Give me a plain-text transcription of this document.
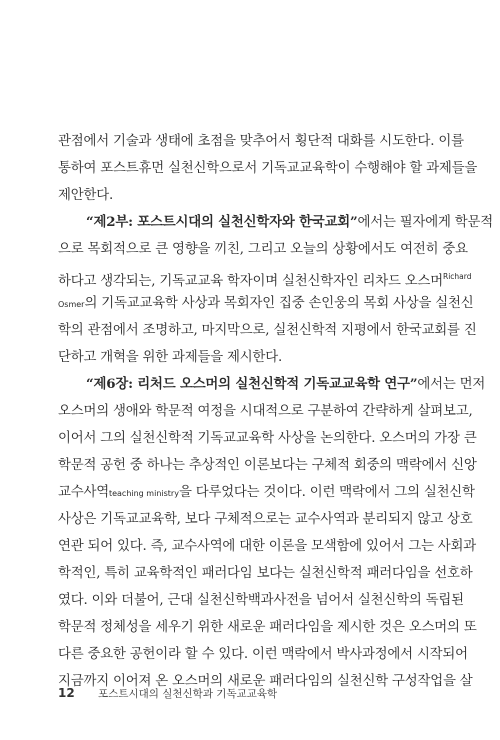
관점에서 기술과 생태에 초점을 맞추어서 횡단적 대화를 시도한다. 이를
통하여 포스트휴먼 실천신학으로서 기독교교육학이 수행해야 할 과제들을
제안한다.
“제2부: 포스트시대의 실천신학자와 한국교회”에서는 필자에게 학문적
으로 목회적으로 큰 영향을 끼친, 그리고 오늘의 상황에서도 여전히 중요
하다고 생각되는, 기독교교육 학자이며 실천신학자인 리차드 오스머$^{Richard}$
Osmer의 기독교교육학 사상과 목회자인 집중 손인웅의 목회 사상을 실천신
학의 관점에서 조명하고, 마지막으로, 실천신학적 지평에서 한국교회를 진
단하고 개혁을 위한 과제들을 제시한다.
“제6장: 리처드 오스머의 실천신학적 기독교교육학 연구”에서는 먼저
오스머의 생애와 학문적 여정을 시대적으로 구분하여 간략하게 살펴보고,
이어서 그의 실천신학적 기독교교육학 사상을 논의한다. 오스머의 가장 큰
학문적 공헌 중 하나는 추상적인 이론보다는 구체적 회중의 맥락에서 신앙
교수사역teaching ministry을 다루었다는 것이다. 이런 맥락에서 그의 실천신학
사상은 기독교교육학, 보다 구체적으로는 교수사역과 분리되지 않고 상호
연관 되어 있다. 즉, 교수사역에 대한 이론을 모색함에 있어서 그는 사회과
학적인, 특히 교육학적인 패러다임 보다는 실천신학적 패러다임을 선호하
였다. 이와 더불어, 근대 실천신학백과사전을 넘어서 실천신학의 독립된
학문적 정체성을 세우기 위한 새로운 패러다임을 제시한 것은 오스머의 또
다른 중요한 공헌이라 할 수 있다. 이런 맥락에서 박사과정에서 시작되어
지금까지 이어져 온 오스머의 새로운 패러다임의 실천신학 구성작업을 살
12 포스트시대의 실천신학과 기독교교육학
